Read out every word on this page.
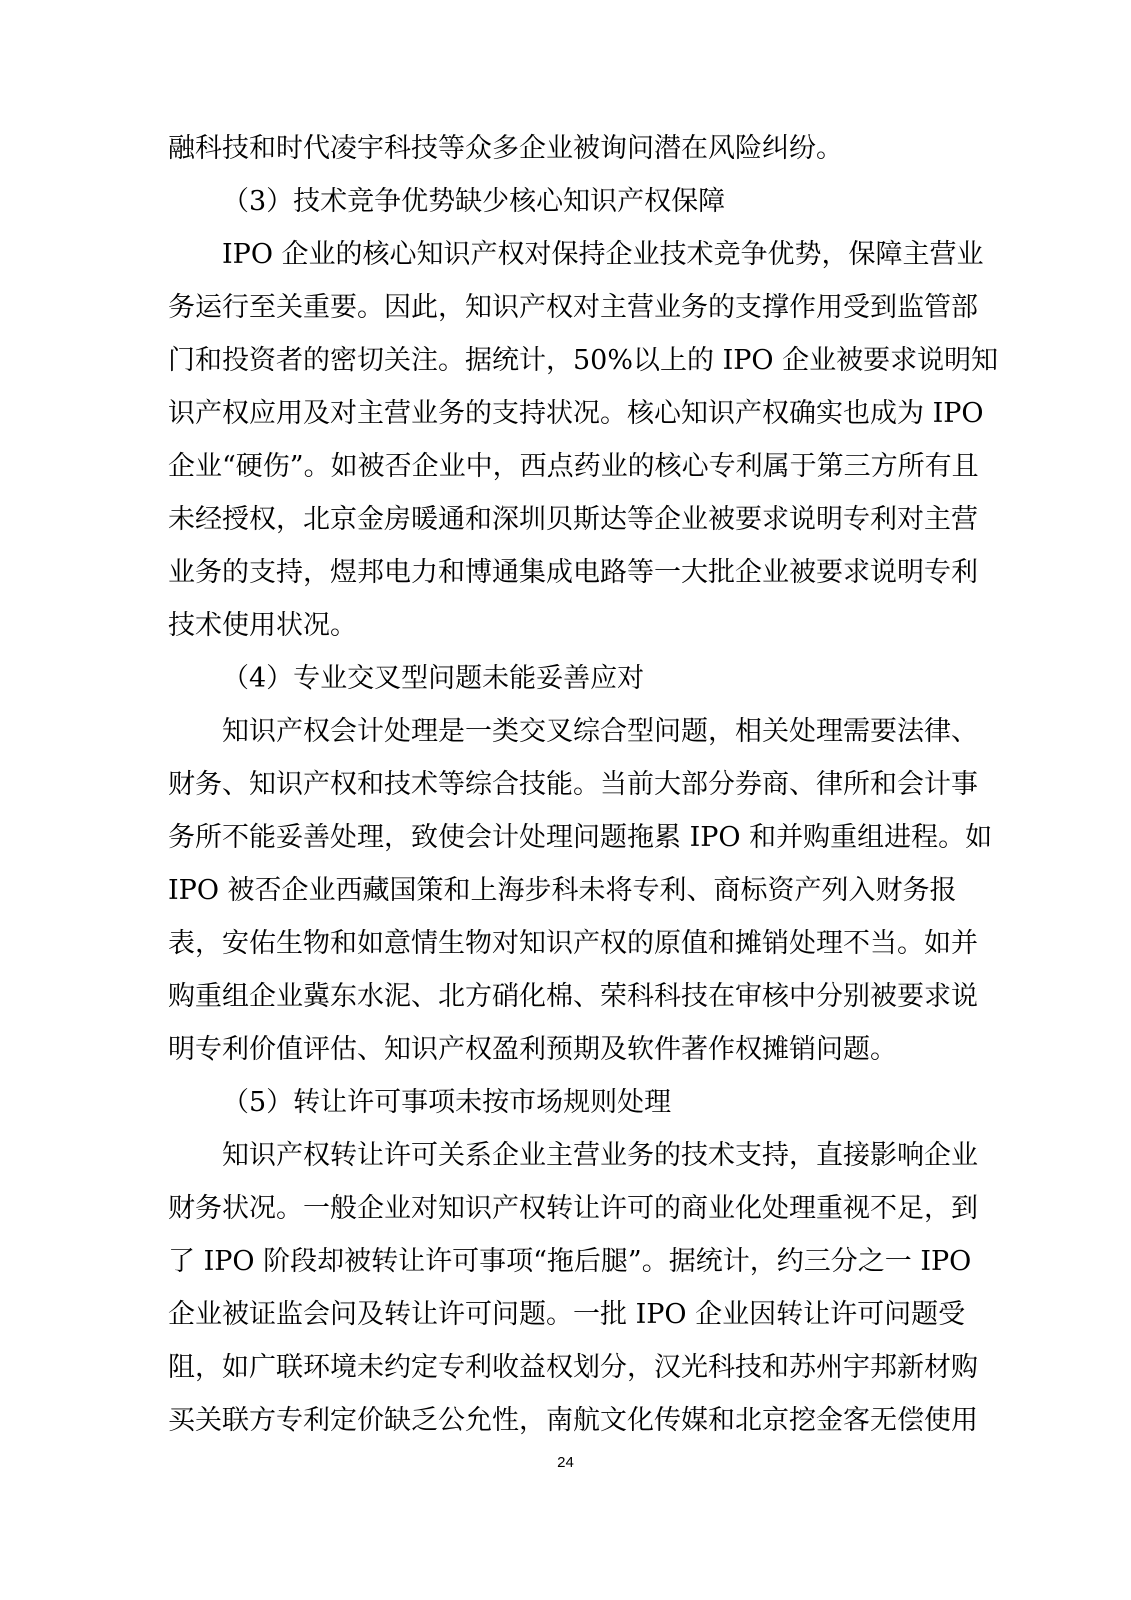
融科技和时代凌宇科技等众多企业被询问潜在风险纠纷。

（3）技术竞争优势缺少核心知识产权保障

IPO 企业的核心知识产权对保持企业技术竞争优势，保障主营业

务运行至关重要。因此，知识产权对主营业务的支撑作用受到监管部

门和投资者的密切关注。据统计，50%以上的 IPO 企业被要求说明知

识产权应用及对主营业务的支持状况。核心知识产权确实也成为 IPO

企业“硬伤”。如被否企业中，西点药业的核心专利属于第三方所有且

未经授权，北京金房暖通和深圳贝斯达等企业被要求说明专利对主营

业务的支持，煜邦电力和博通集成电路等一大批企业被要求说明专利

技术使用状况。

（4）专业交叉型问题未能妥善应对

知识产权会计处理是一类交叉综合型问题，相关处理需要法律、

财务、知识产权和技术等综合技能。当前大部分券商、律所和会计事

务所不能妥善处理，致使会计处理问题拖累 IPO 和并购重组进程。如

IPO 被否企业西藏国策和上海步科未将专利、商标资产列入财务报

表，安佑生物和如意情生物对知识产权的原值和摊销处理不当。如并

购重组企业冀东水泥、北方硝化棉、荣科科技在审核中分别被要求说

明专利价值评估、知识产权盈利预期及软件著作权摊销问题。

（5）转让许可事项未按市场规则处理

知识产权转让许可关系企业主营业务的技术支持，直接影响企业

财务状况。一般企业对知识产权转让许可的商业化处理重视不足，到

了 IPO 阶段却被转让许可事项“拖后腿”。据统计，约三分之一 IPO

企业被证监会问及转让许可问题。一批 IPO 企业因转让许可问题受

阻，如广联环境未约定专利收益权划分，汉光科技和苏州宇邦新材购

买关联方专利定价缺乏公允性，南航文化传媒和北京挖金客无偿使用

24
